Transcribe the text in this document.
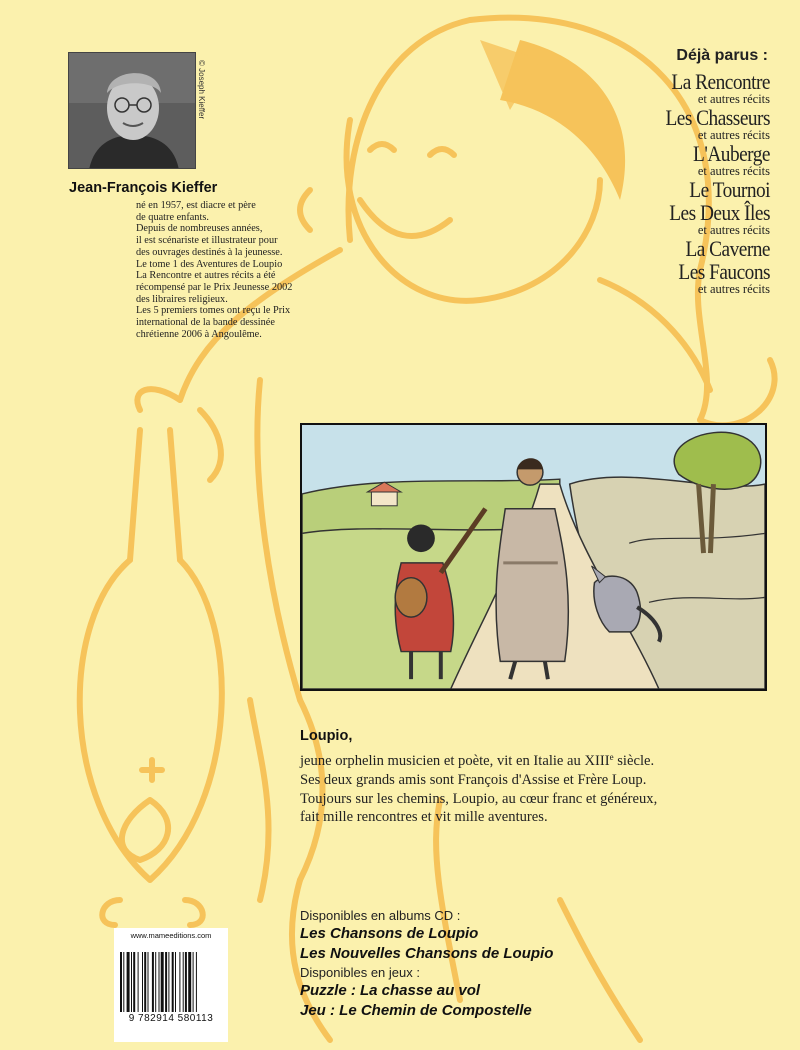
© Joseph Kieffer
Jean-François Kieffer
né en 1957, est diacre et père
de quatre enfants.
Depuis de nombreuses années,
il est scénariste et illustrateur pour
des ouvrages destinés à la jeunesse.
Le tome 1 des Aventures de Loupio
La Rencontre et autres récits a été
récompensé par le Prix Jeunesse 2002
des libraires religieux.
Les 5 premiers tomes ont reçu le Prix
international de la bande dessinée
chrétienne 2006 à Angoulême.
Déjà parus :
La Rencontre
et autres récits
Les Chasseurs
et autres récits
L'Auberge
et autres récits
Le Tournoi
Les Deux Îles
et autres récits
La Caverne
Les Faucons
et autres récits
Loupio,
jeune orphelin musicien et poète, vit en Italie au XIIIe siècle.
Ses deux grands amis sont François d'Assise et Frère Loup.
Toujours sur les chemins, Loupio, au cœur franc et généreux,
fait mille rencontres et vit mille aventures.
Disponibles en albums CD :
Les Chansons de Loupio
Les Nouvelles Chansons de Loupio
Disponibles en jeux :
Puzzle : La chasse au vol
Jeu : Le Chemin de Compostelle
www.mameeditions.com
9 782914 580113
